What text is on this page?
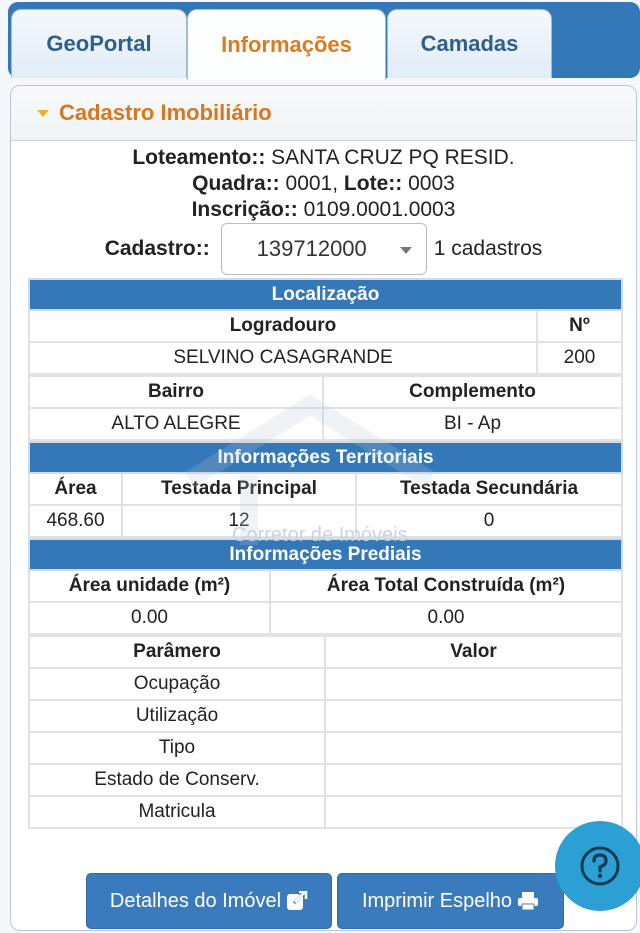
GeoPortal	Informações	Camadas
Cadastro Imobiliário
Loteamento:: SANTA CRUZ PQ RESID.
Quadra:: 0001, Lote:: 0003
Inscrição:: 0109.0001.0003
Cadastro:: 139712000	1 cadastros
Localização	
Logradouro	Nº
SELVINO CASAGRANDE	200
Bairro	Complemento
ALTO ALEGRE	BI - Ap
Informações Territoriais		
Área	Testada Principal	Testada Secundária
468.60	12	0
Informações Prediais	
Área unidade (m²)	Área Total Construída (m²)
0.00	0.00
Parâmero	Valor
Ocupação	
Utilização	
Tipo	
Estado de Conserv.	
Matricula	
Corretor de Imóveis
Detalhes do Imóvel	Imprimir Espelho
